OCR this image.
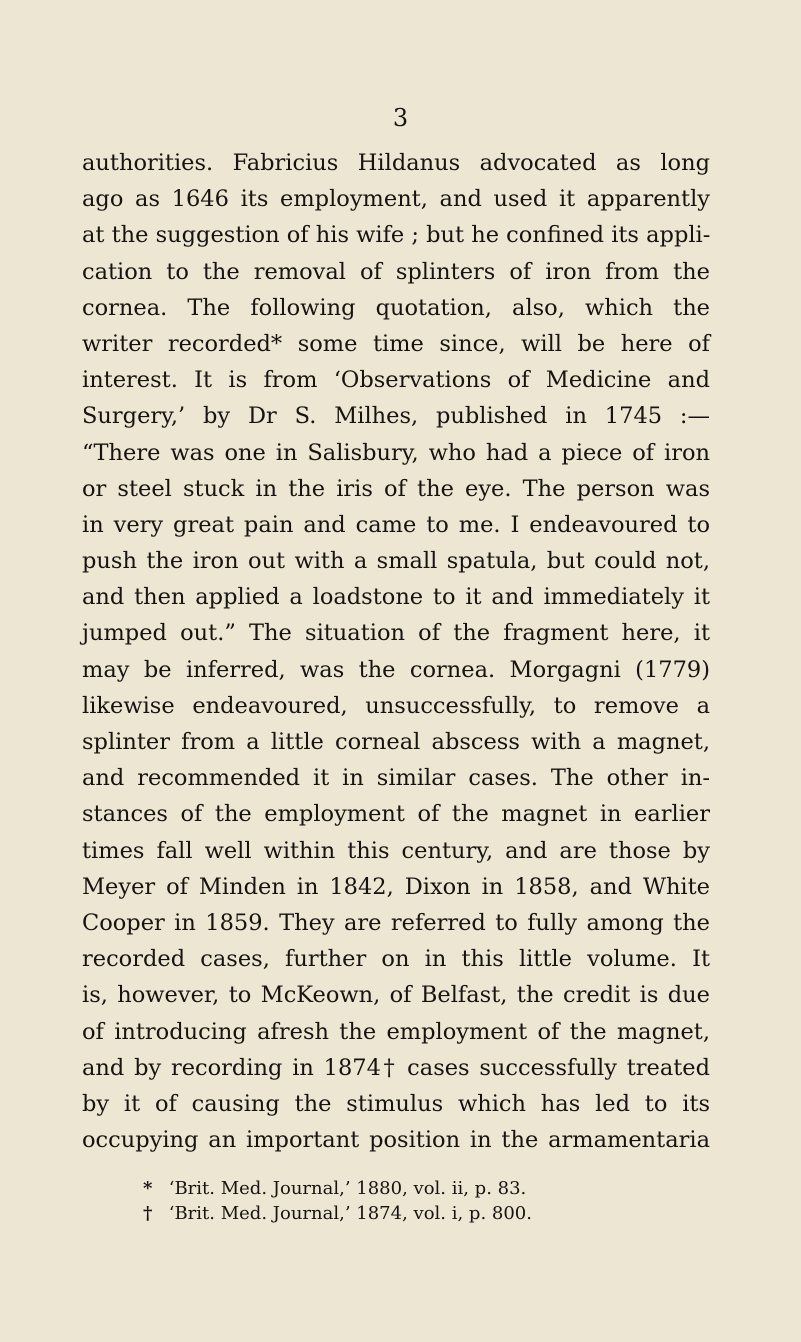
3
authorities. Fabricius Hildanus advocated as long
ago as 1646 its employment, and used it apparently
at the suggestion of his wife ; but he confined its appli-
cation to the removal of splinters of iron from the
cornea. The following quotation, also, which the
writer recorded* some time since, will be here of
interest. It is from ‘Observations of Medicine and
Surgery,’ by Dr S. Milhes, published in 1745 :—
“There was one in Salisbury, who had a piece of iron
or steel stuck in the iris of the eye. The person was
in very great pain and came to me. I endeavoured to
push the iron out with a small spatula, but could not,
and then applied a loadstone to it and immediately it
jumped out.” The situation of the fragment here, it
may be inferred, was the cornea. Morgagni (1779)
likewise endeavoured, unsuccessfully, to remove a
splinter from a little corneal abscess with a magnet,
and recommended it in similar cases. The other in-
stances of the employment of the magnet in earlier
times fall well within this century, and are those by
Meyer of Minden in 1842, Dixon in 1858, and White
Cooper in 1859. They are referred to fully among the
recorded cases, further on in this little volume. It
is, however, to McKeown, of Belfast, the credit is due
of introducing afresh the employment of the magnet,
and by recording in 1874† cases successfully treated
by it of causing the stimulus which has led to its
occupying an important position in the armamentaria
* ‘Brit. Med. Journal,’ 1880, vol. ii, p. 83.
† ‘Brit. Med. Journal,’ 1874, vol. i, p. 800.
